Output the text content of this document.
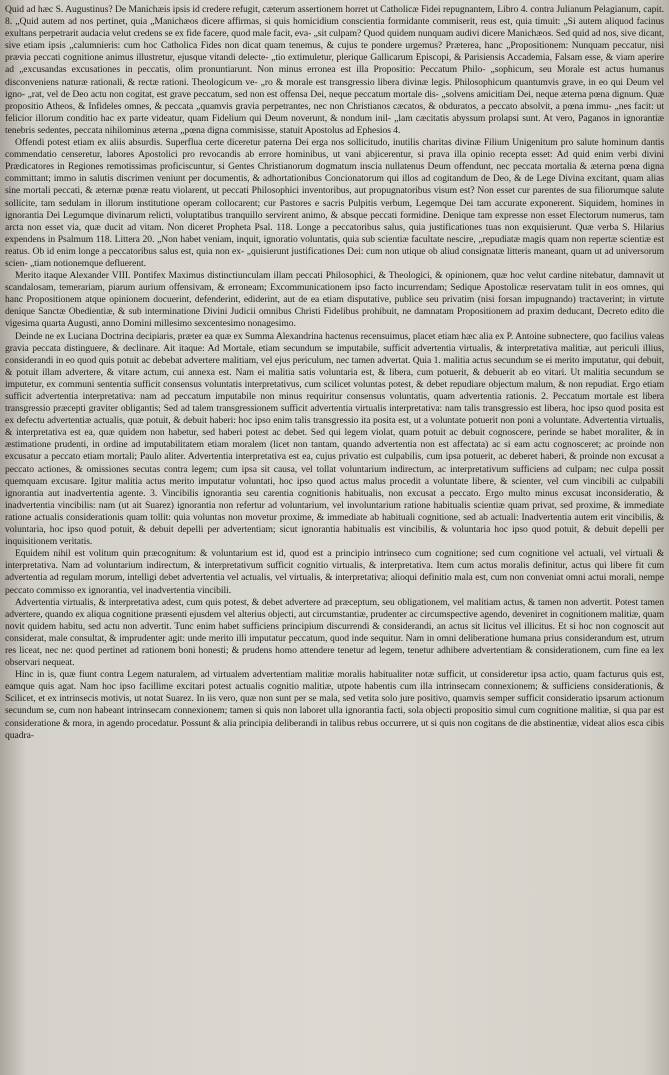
Quid ad hæc S. Augustinus? De Manichæis ipsis id credere refugit, cæterum assertionem horret ut Catholicæ Fidei repugnantem, Libro 4. contra Julianum Pelagianum, capit. 8. „Quid autem ad nos pertinet, quia „Manichæos dicere affirmas, si quis homicidium conscientia formidante commiserit, reus est, quia timuit: „Si autem aliquod facinus exultans perpetrarit audacia velut credens se ex fide facere, quod male facit, eva- „sit culpam? Quod quidem nunquam audivi dicere Manichæos. Sed quid ad nos, sive dicant, sive etiam ipsis „calumnieris: cum hoc Catholica Fides non dicat quam tenemus, & cujus te pondere urgemus? Præterea, hanc „Propositionem: Nunquam peccatur, nisi prævia peccati cognitione animus illustretur, ejusque vitandi delecte- „tio extimuletur, plerique Gallicarum Episcopi, & Parisiensis Accademia, Falsam esse, & viam aperire ad „excusandas excusationes in peccatis, olim pronuntiarunt. Non minus erronea est illa Propositio: Peccatum Philo- „sophicum, seu Morale est actus humanus disconveniens naturæ rationali, & rectæ rationi. Theologicum ve- „ro & morale est transgressio libera divinæ legis. Philosophicum quantumvis grave, in eo qui Deum vel igno- „rat, vel de Deo actu non cogitat, est grave peccatum, sed non est offensa Dei, neque peccatum mortale dis- „solvens amicitiam Dei, neque æterna pœna dignum. Quæ propositio Atheos, & Infideles omnes, & peccata „quamvis gravia perpetrantes, nec non Christianos cæcatos, & obduratos, a peccato absolvit, a pœna immu- „nes facit: ut felicior illorum conditio hac ex parte videatur, quam Fidelium qui Deum noverunt, & nondum inil- „lam cæcitatis abyssum prolapsi sunt. At vero, Paganos in ignorantiæ tenebris sedentes, peccata nihilominus æterna „pœna digna commisisse, statuit Apostolus ad Ephesios 4.

Offendi potest etiam ex aliis absurdis. Superflua certe diceretur paterna Dei erga nos sollicitudo, inutilis charitas divinæ Filium Unigenitum pro salute hominum dantis commendatio censeretur, labores Apostolici pro revocandis ab errore hominibus, ut vani abjicerentur, si prava illa opinio recepta esset: Ad quid enim verbi divini Prædicatores in Regiones remotissimas proficiscuntur, si Gentes Christianorum dogmatum inscia nullatenus Deum offendunt, nec peccata mortalia & æterna pœna digna committant; immo in salutis discrimen veniunt per documentis, & adhortationibus Concionatorum qui illos ad cogitandum de Deo, & de Lege Divina excitant, quam alias sine mortali peccati, & æternæ pœnæ reatu violarent, ut peccati Philosophici inventoribus, aut propugnatoribus visum est? Non esset cur parentes de sua filiorumque salute sollicite, tam sedulam in illorum institutione operam collocarent; cur Pastores e sacris Pulpitis verbum, Legemque Dei tam accurate exponerent. Siquidem, homines in ignorantia Dei Legumque divinarum relicti, voluptatibus tranquillo servirent animo, & absque peccati formidine. Denique tam expresse non esset Electorum numerus, tam arcta non esset via, quæ ducit ad vitam. Non diceret Propheta Psal. 118. Longe a peccatoribus salus, quia justificationes tuas non exquisierunt. Quæ verba S. Hilarius expendens in Psalmum 118. Littera 20. „Non habet veniam, inquit, ignoratio voluntatis, quia sub scientiæ facultate nescire, „repudiatæ magis quam non repertæ scientiæ est reatus. Ob id enim longe a peccatoribus salus est, quia non ex- „quisierunt justificationes Dei: cum non utique ob aliud consignatæ litteris maneant, quam ut ad universorum scien- „tiam notionemque defluerent.

Merito itaque Alexander VIII. Pontifex Maximus distinctiunculam illam peccati Philosophici, & Theologici, & opinionem, quæ hoc velut cardine nitebatur, damnavit ut scandalosam, temerariam, piarum aurium offensivam, & erroneam; Excommunicationem ipso facto incurrendam; Sedique Apostolicæ reservatam tulit in eos omnes, qui hanc Propositionem atque opinionem docuerint, defenderint, ediderint, aut de ea etiam disputative, publice seu privatim (nisi forsan impugnando) tractaverint; in virtute denique Sanctæ Obedientiæ, & sub interminatione Divini Judicii omnibus Christi Fidelibus prohibuit, ne damnatam Propositionem ad praxim deducant, Decreto edito die vigesima quarta Augusti, anno Domini millesimo sexcentesimo nonagesimo.

Deinde ne ex Luciana Doctrina decipiaris, præter ea quæ ex Summa Alexandrina hactenus recensuimus, placet etiam hæc alia ex P. Antoine subnectere, quo facilius valeas gravia peccata distinguere, & declinare. Ait itaque: Ad Mortale, etiam secundum se imputabile, sufficit advertentia virtualis, & interpretativa malitiæ, aut periculi illius, considerandi in eo quod quis potuit ac debebat advertere malitiam, vel ejus periculum, nec tamen advertat. Quia 1. malitia actus secundum se ei merito imputatur, qui debuit, & potuit illam advertere, & vitare actum, cui annexa est. Nam ei malitia satis voluntaria est, & libera, cum potuerit, & debuerit ab eo vitari. Ut malitia secundum se imputetur, ex communi sententia sufficit consensus voluntatis interpretativus, cum scilicet voluntas potest, & debet repudiare objectum malum, & non repudiat. Ergo etiam sufficit advertentia interpretativa: nam ad peccatum imputabile non minus requiritur consensus voluntatis, quam advertentia rationis. 2. Peccatum mortale est libera transgressio præcepti graviter obligantis; Sed ad talem transgressionem sufficit advertentia virtualis interpretativa: nam talis transgressio est libera, hoc ipso quod posita est ex defectu advertentiæ actualis, quæ potuit, & debuit haberi: hoc ipso enim talis transgressio ita posita est, ut a voluntate potuerit non poni a voluntate. Advertentia virtualis, & interpretativa est ea, quæ quidem non habetur, sed haberi potest ac debet. Sed qui legem violat, quam potuit ac debuit cognoscere, perinde se habet moraliter, & in æstimatione prudenti, in ordine ad imputabilitatem etiam moralem (licet non tantam, quando advertentia non est affectata) ac si eam actu cognosceret; ac proinde non excusatur a peccato etiam mortali; Paulo aliter. Advertentia interpretativa est ea, cujus privatio est culpabilis, cum ipsa potuerit, ac deberet haberi, & proinde non excusat a peccato actiones, & omissiones secutas contra legem; cum ipsa sit causa, vel tollat voluntarium indirectum, ac interpretativum sufficiens ad culpam; nec culpa possit quemquam excusare. Igitur malitia actus merito imputatur voluntati, hoc ipso quod actus malus procedit a voluntate libere, & scienter, vel cum vincibili ac culpabili ignorantia aut inadvertentia agente. 3. Vincibilis ignorantia seu carentia cognitionis habitualis, non excusat a peccato. Ergo multo minus excusat inconsideratio, & inadvertentia vincibilis: nam (ut ait Suarez) ignorantia non refertur ad voluntarium, vel involuntarium ratione habitualis scientiæ quam privat, sed proxime, & immediate ratione actualis considerationis quam tollit: quia voluntas non movetur proxime, & immediate ab habituali cognitione, sed ab actuali: Inadvertentia autem erit vincibilis, & voluntaria, hoc ipso quod potuit, & debuit depelli per advertentiam; sicut ignorantia habitualis est vincibilis, & voluntaria hoc ipso quod potuit, & debuit depelli per inquisitionem veritatis.

Equidem nihil est volitum quin præcognitum: & voluntarium est id, quod est a principio intrinseco cum cognitione; sed cum cognitione vel actuali, vel virtuali & interpretativa. Nam ad voluntarium indirectum, & interpretativum sufficit cognitio virtualis, & interpretativa. Item cum actus moralis definitur, actus qui libere fit cum advertentia ad regulam morum, intelligi debet advertentia vel actualis, vel virtualis, & interpretativa; alioqui definitio mala est, cum non conveniat omni actui morali, nempe peccato commisso ex ignorantia, vel inadvertentia vincibili.

Advertentia virtualis, & interpretativa adest, cum quis potest, & debet advertere ad præceptum, seu obligationem, vel malitiam actus, & tamen non advertit. Potest tamen advertere, quando ex aliqua cognitione præsenti ejusdem vel alterius objecti, aut circumstantiæ, prudenter ac circumspective agendo, deveniret in cognitionem malitiæ, quam novit quidem habitu, sed actu non advertit. Tunc enim habet sufficiens principium discurrendi & considerandi, an actus sit licitus vel illicitus. Et si hoc non cognoscit aut considerat, male consultat, & imprudenter agit: unde merito illi imputatur peccatum, quod inde sequitur. Nam in omni deliberatione humana prius considerandum est, utrum res liceat, nec ne: quod pertinet ad rationem boni honesti; & prudens homo attendere tenetur ad legem, tenetur adhibere advertentiam & considerationem, cum fine ea lex observari nequeat.

Hinc in is, quæ fiunt contra Legem naturalem, ad virtualem advertentiam malitiæ moralis habitualiter notæ sufficit, ut consideretur ipsa actio, quam facturus quis est, eamque quis agat. Nam hoc ipso facillime excitari potest actualis cognitio malitiæ, utpote habentis cum illa intrinsecam connexionem; & sufficiens considerationis, & Scilicet, et ex intrinsecis motivis, ut notat Suarez. In iis vero, quæ non sunt per se mala, sed vetita solo jure positivo, quamvis semper sufficit consideratio ipsarum actionum secundum se, cum non habeant intrinsecam connexionem; tamen si quis non laboret ulla ignorantia facti, sola objecti propositio simul cum cognitione malitiæ, si qua par est consideratione & mora, in agendo procedatur. Possunt & alia principia deliberandi in talibus rebus occurrere, ut si quis non cogitans de die abstinentiæ, videat alios esca cibis quadra-
